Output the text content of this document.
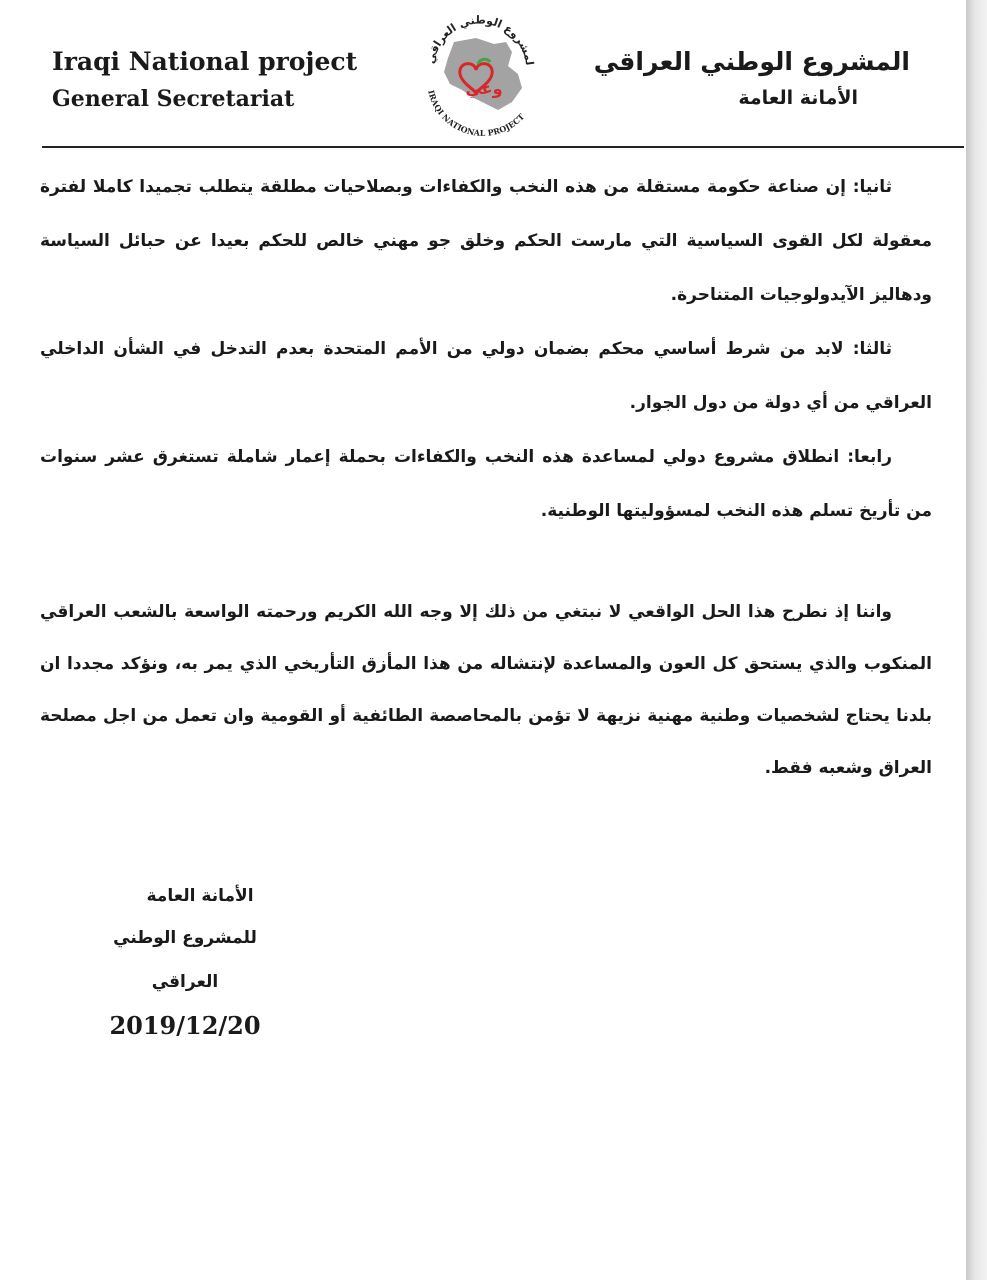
Iraqi National project
General Secretariat	وعي
لمشروع الوطني العراقي
IRAQI NATIONAL PROJECT
المشروع الوطني العراقي
الأمانة العامة

ثانيا: إن صناعة حكومة مستقلة من هذه النخب والكفاءات وبصلاحيات مطلقة يتطلب تجميدا كاملا لفترة معقولة لكل القوى السياسية التي مارست الحكم وخلق جو مهني خالص للحكم بعيدا عن حبائل السياسة ودهاليز الآيدولوجيات المتناحرة.

ثالثا: لابد من شرط أساسي محكم بضمان دولي من الأمم المتحدة بعدم التدخل في الشأن الداخلي العراقي من أي دولة من دول الجوار.

رابعا: انطلاق مشروع دولي لمساعدة هذه النخب والكفاءات بحملة إعمار شاملة تستغرق عشر سنوات من تأريخ تسلم هذه النخب لمسؤوليتها الوطنية.

واننا إذ نطرح هذا الحل الواقعي لا نبتغي من ذلك إلا وجه الله الكريم ورحمته الواسعة بالشعب العراقي المنكوب والذي يستحق كل العون والمساعدة لإنتشاله من هذا المأزق التأريخي الذي يمر به، ونؤكد مجددا ان بلدنا يحتاج لشخصيات وطنية مهنية نزيهة لا تؤمن بالمحاصصة الطائفية أو القومية وان تعمل من اجل مصلحة العراق وشعبه فقط.

الأمانة العامة
للمشروع الوطني العراقي
2019/12/20
